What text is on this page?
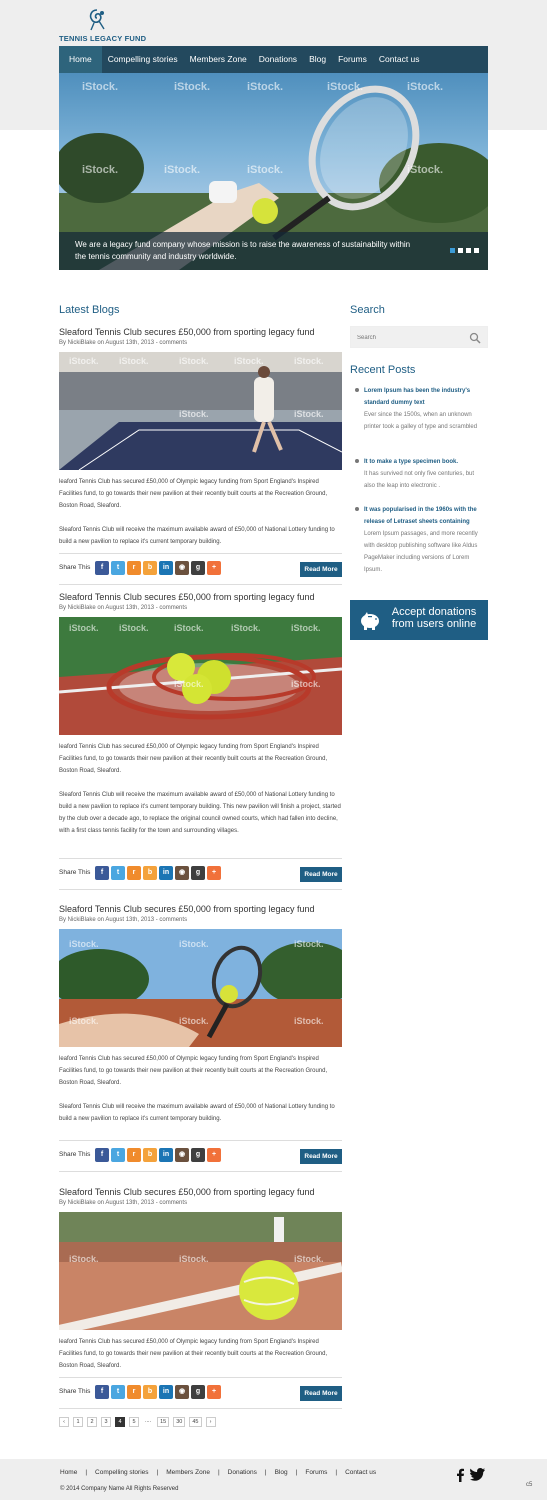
TENNIS LEGACY FUND
Home	Compelling stories	Members Zone	Donations	Blog	Forums	Contact us
iStock.	iStock.	iStock.	iStock.	iStock.
iStock.	iStock.	iStock.	iStock.

We are a legacy fund company whose mission is to raise the awareness of sustainability within the tennis community and industry worldwide.

Latest Blogs
Sleaford Tennis Club secures £50,000 from sporting legacy fund
By NickiBlake on August 13th, 2013 - comments
iStock. iStock.	iStock.	iStock.	iStock.
iStock.	iStock.

leaford Tennis Club has secured £50,000 of Olympic legacy funding from Sport England's Inspired Facilities fund, to go towards their new pavilion at their recently built courts at the Recreation Ground, Boston Road, Sleaford.

Sleaford Tennis Club will receive the maximum available award of £50,000 of National Lottery funding to build a new pavilion to replace it's current temporary building.

Share This	f	t	r	b	in	◉	g	+	Read More
Sleaford Tennis Club secures £50,000 from sporting legacy fund
By NickiBlake on August 13th, 2013 - comments
iStock. iStock.	iStock.	iStock.	iStock.
iStock.	iStock.

leaford Tennis Club has secured £50,000 of Olympic legacy funding from Sport England's Inspired Facilities fund, to go towards their new pavilion at their recently built courts at the Recreation Ground, Boston Road, Sleaford.

Sleaford Tennis Club will receive the maximum available award of £50,000 of National Lottery funding to build a new pavilion to replace it's current temporary building. This new pavilion will finish a project, started by the club over a decade ago, to replace the original council owned courts, which had fallen into decline, with a first class tennis facility for the town and surrounding villages.

Share This	f	t	r	b	in	◉	g	+	Read More
Sleaford Tennis Club secures £50,000 from sporting legacy fund
By NickiBlake on August 13th, 2013 - comments
iStock.	iStock.	iStock.
iStock.	iStock.	iStock.

leaford Tennis Club has secured £50,000 of Olympic legacy funding from Sport England's Inspired Facilities fund, to go towards their new pavilion at their recently built courts at the Recreation Ground, Boston Road, Sleaford.

Sleaford Tennis Club will receive the maximum available award of £50,000 of National Lottery funding to build a new pavilion to replace it's current temporary building.

Share This	f	t	r	b	in	◉	g	+	Read More
Sleaford Tennis Club secures £50,000 from sporting legacy fund
By NickiBlake on August 13th, 2013 - comments
iStock.	iStock.	iStock.

leaford Tennis Club has secured £50,000 of Olympic legacy funding from Sport England's Inspired Facilities fund, to go towards their new pavilion at their recently built courts at the Recreation Ground, Boston Road, Sleaford.

Share This	f	t	r	b	in	◉	g	+	Read More
‹	1	2	3	4	5	....	15	30	45	›
Search
Search
Recent Posts
Lorem Ipsum has been the industry's standard dummy text
Ever since the 1500s, when an unknown printer took a galley of type and scrambled
It to make a type specimen book.
It has survived not only five centuries, but also the leap into electronic .
It was popularised in the 1960s with the release of Letraset sheets containing Lorem Ipsum passages, and more recently with desktop publishing software like Aldus PageMaker including versions of Lorem Ipsum.
Accept donations from users online
Home | Compelling stories | Members Zone | Donations | Blog | Forums | Contact us
© 2014 Company Name All Rights Reserved
c5
